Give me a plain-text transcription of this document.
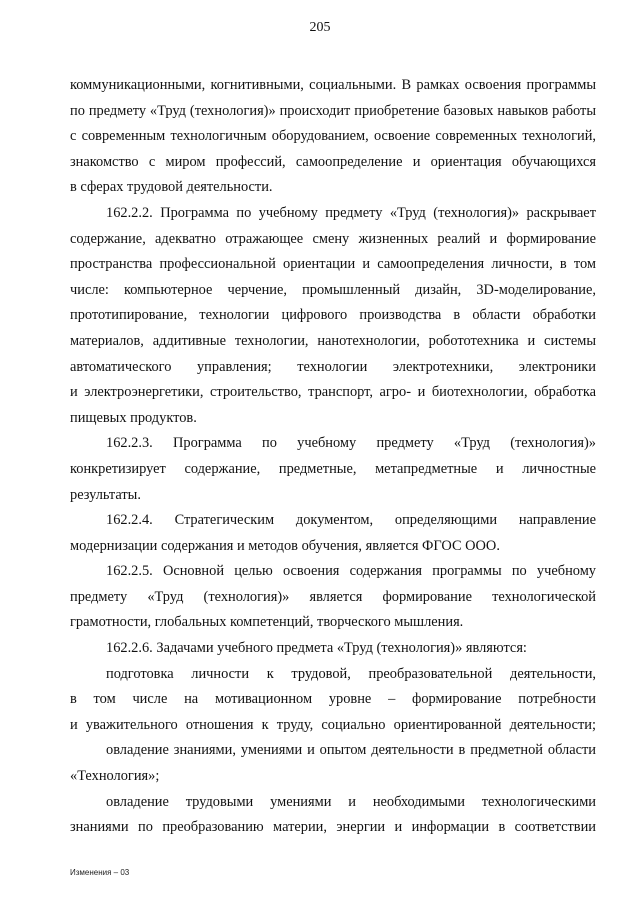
205
коммуникационными, когнитивными, социальными. В рамках освоения программы
по предмету «Труд (технология)» происходит приобретение базовых навыков работы
с современным технологичным оборудованием, освоение современных технологий,
знакомство с миром профессий, самоопределение и ориентация обучающихся
в сферах трудовой деятельности.
162.2.2. Программа по учебному предмету «Труд (технология)» раскрывает
содержание, адекватно отражающее смену жизненных реалий и формирование
пространства профессиональной ориентации и самоопределения личности, в том
числе: компьютерное черчение, промышленный дизайн, 3D-моделирование,
прототипирование, технологии цифрового производства в области обработки
материалов, аддитивные технологии, нанотехнологии, робототехника и системы
автоматического управления; технологии электротехники, электроники
и электроэнергетики, строительство, транспорт, агро- и биотехнологии, обработка
пищевых продуктов.
162.2.3. Программа по учебному предмету «Труд (технология)»
конкретизирует содержание, предметные, метапредметные и личностные
результаты.
162.2.4. Стратегическим документом, определяющими направление
модернизации содержания и методов обучения, является ФГОС ООО.
162.2.5. Основной целью освоения содержания программы по учебному
предмету «Труд (технология)» является формирование технологической
грамотности, глобальных компетенций, творческого мышления.
162.2.6. Задачами учебного предмета «Труд (технология)» являются:
подготовка личности к трудовой, преобразовательной деятельности,
в том числе на мотивационном уровне – формирование потребности
и уважительного отношения к труду, социально ориентированной деятельности;
овладение знаниями, умениями и опытом деятельности в предметной области
«Технология»;
овладение трудовыми умениями и необходимыми технологическими
знаниями по преобразованию материи, энергии и информации в соответствии
Изменения – 03
